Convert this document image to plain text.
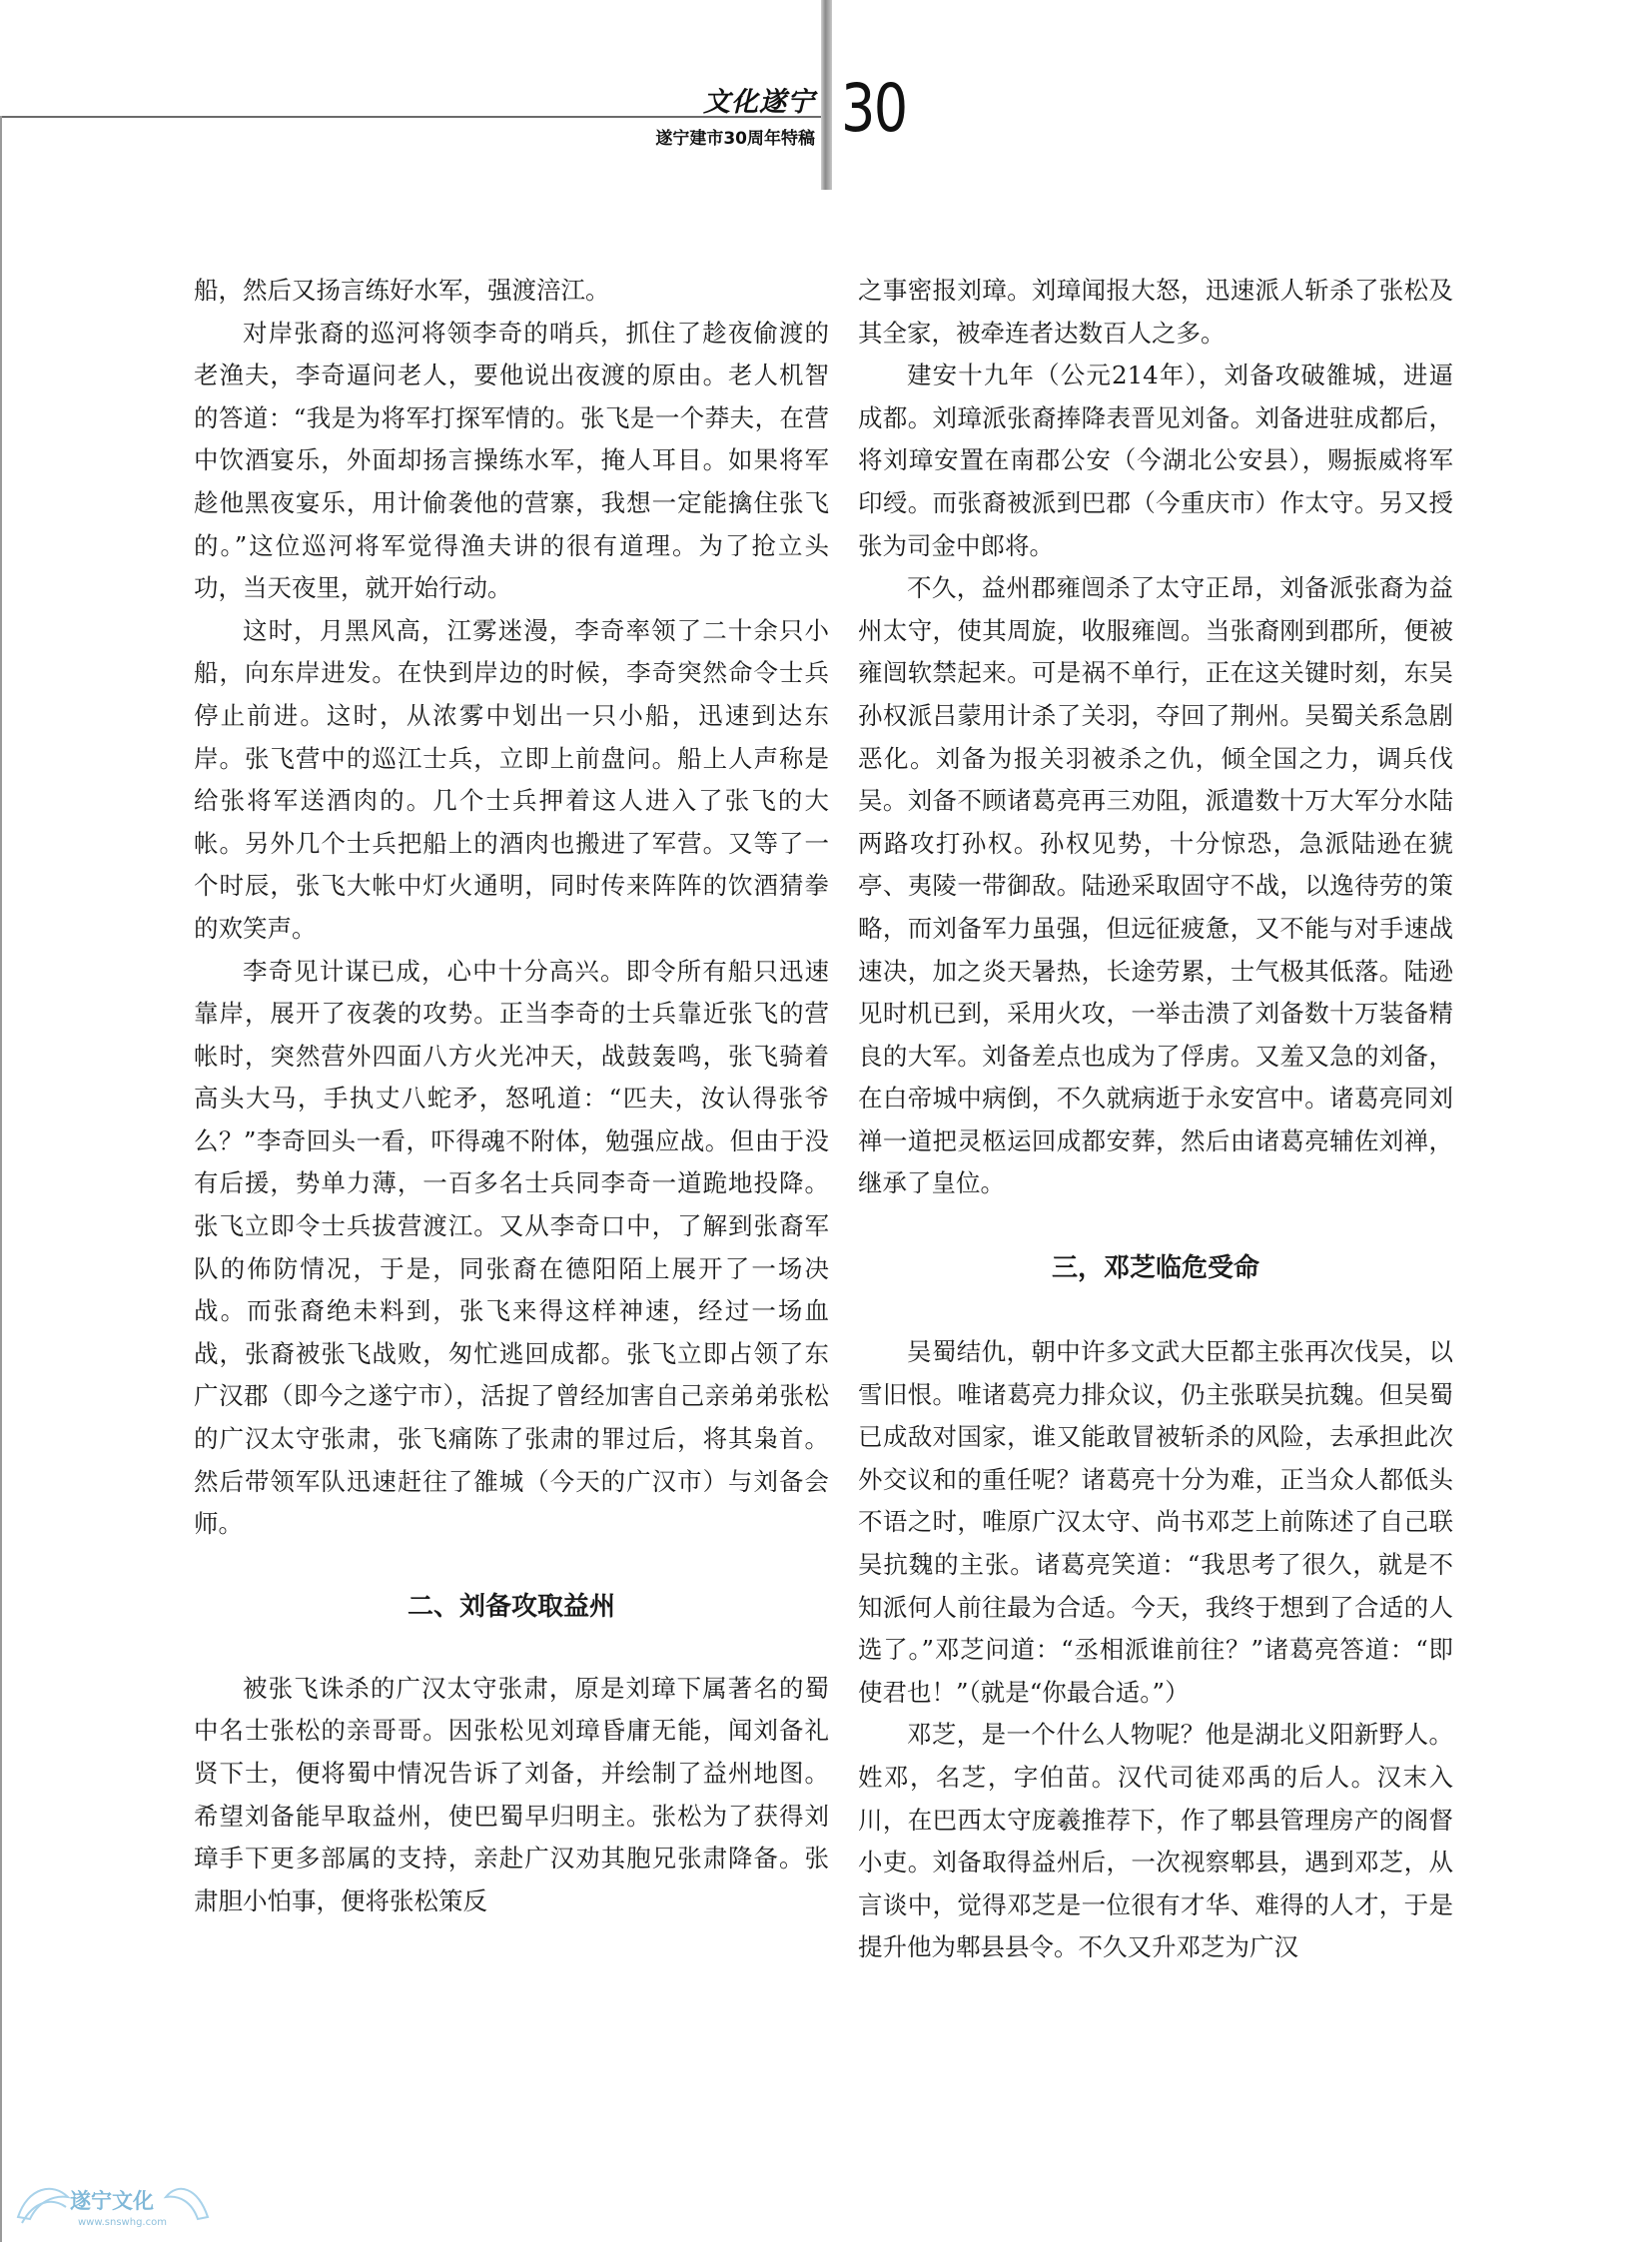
文化遂宁
遂宁建市30周年特稿 30

船，然后又扬言练好水军，强渡涪江。

对岸张裔的巡河将领李奇的哨兵，抓住了趁夜偷渡的老渔夫，李奇逼问老人，要他说出夜渡的原由。老人机智的答道：“我是为将军打探军情的。张飞是一个莽夫，在营中饮酒宴乐，外面却扬言操练水军，掩人耳目。如果将军趁他黑夜宴乐，用计偷袭他的营寨，我想一定能擒住张飞的。”这位巡河将军觉得渔夫讲的很有道理。为了抢立头功，当天夜里，就开始行动。

这时，月黑风高，江雾迷漫，李奇率领了二十余只小船，向东岸进发。在快到岸边的时候，李奇突然命令士兵停止前进。这时，从浓雾中划出一只小船，迅速到达东岸。张飞营中的巡江士兵，立即上前盘问。船上人声称是给张将军送酒肉的。几个士兵押着这人进入了张飞的大帐。另外几个士兵把船上的酒肉也搬进了军营。又等了一个时辰，张飞大帐中灯火通明，同时传来阵阵的饮酒猜拳的欢笑声。

李奇见计谋已成，心中十分高兴。即令所有船只迅速靠岸，展开了夜袭的攻势。正当李奇的士兵靠近张飞的营帐时，突然营外四面八方火光冲天，战鼓轰鸣，张飞骑着高头大马，手执丈八蛇矛，怒吼道：“匹夫，汝认得张爷么？”李奇回头一看，吓得魂不附体，勉强应战。但由于没有后援，势单力薄，一百多名士兵同李奇一道跪地投降。张飞立即令士兵拔营渡江。又从李奇口中，了解到张裔军队的佈防情况，于是，同张裔在德阳陌上展开了一场决战。而张裔绝未料到，张飞来得这样神速，经过一场血战，张裔被张飞战败，匆忙逃回成都。张飞立即占领了东广汉郡（即今之遂宁市），活捉了曾经加害自己亲弟弟张松的广汉太守张肃，张飞痛陈了张肃的罪过后，将其枭首。然后带领军队迅速赶往了雒城（今天的广汉市）与刘备会师。

二、刘备攻取益州

被张飞诛杀的广汉太守张肃，原是刘璋下属著名的蜀中名士张松的亲哥哥。因张松见刘璋昏庸无能，闻刘备礼贤下士，便将蜀中情况告诉了刘备，并绘制了益州地图。希望刘备能早取益州，使巴蜀早归明主。张松为了获得刘璋手下更多部属的支持，亲赴广汉劝其胞兄张肃降备。张肃胆小怕事，便将张松策反

之事密报刘璋。刘璋闻报大怒，迅速派人斩杀了张松及其全家，被牵连者达数百人之多。

建安十九年（公元214年），刘备攻破雒城，进逼成都。刘璋派张裔捧降表晋见刘备。刘备进驻成都后，将刘璋安置在南郡公安（今湖北公安县），赐振威将军印绶。而张裔被派到巴郡（今重庆市）作太守。另又授张为司金中郎将。

不久，益州郡雍闿杀了太守正昂，刘备派张裔为益州太守，使其周旋，收服雍闿。当张裔刚到郡所，便被雍闿软禁起来。可是祸不单行，正在这关键时刻，东吴孙权派吕蒙用计杀了关羽，夺回了荆州。吴蜀关系急剧恶化。刘备为报关羽被杀之仇，倾全国之力，调兵伐吴。刘备不顾诸葛亮再三劝阻，派遣数十万大军分水陆两路攻打孙权。孙权见势，十分惊恐，急派陆逊在猇亭、夷陵一带御敌。陆逊采取固守不战，以逸待劳的策略，而刘备军力虽强，但远征疲惫，又不能与对手速战速决，加之炎天暑热，长途劳累，士气极其低落。陆逊见时机已到，采用火攻，一举击溃了刘备数十万装备精良的大军。刘备差点也成为了俘虏。又羞又急的刘备，在白帝城中病倒，不久就病逝于永安宫中。诸葛亮同刘禅一道把灵柩运回成都安葬，然后由诸葛亮辅佐刘禅，继承了皇位。

三，邓芝临危受命

吴蜀结仇，朝中许多文武大臣都主张再次伐吴，以雪旧恨。唯诸葛亮力排众议，仍主张联吴抗魏。但吴蜀已成敌对国家，谁又能敢冒被斩杀的风险，去承担此次外交议和的重任呢？诸葛亮十分为难，正当众人都低头不语之时，唯原广汉太守、尚书邓芝上前陈述了自己联吴抗魏的主张。诸葛亮笑道：“我思考了很久，就是不知派何人前往最为合适。今天，我终于想到了合适的人选了。”邓芝问道：“丞相派谁前往？”诸葛亮答道：“即使君也！”（就是“你最合适。”）

邓芝，是一个什么人物呢？他是湖北义阳新野人。姓邓，名芝，字伯苗。汉代司徒邓禹的后人。汉末入川，在巴西太守庞羲推荐下，作了郫县管理房产的阁督小吏。刘备取得益州后，一次视察郫县，遇到邓芝，从言谈中，觉得邓芝是一位很有才华、难得的人才，于是提升他为郫县县令。不久又升邓芝为广汉

遂宁文化
www.snswhg.com
